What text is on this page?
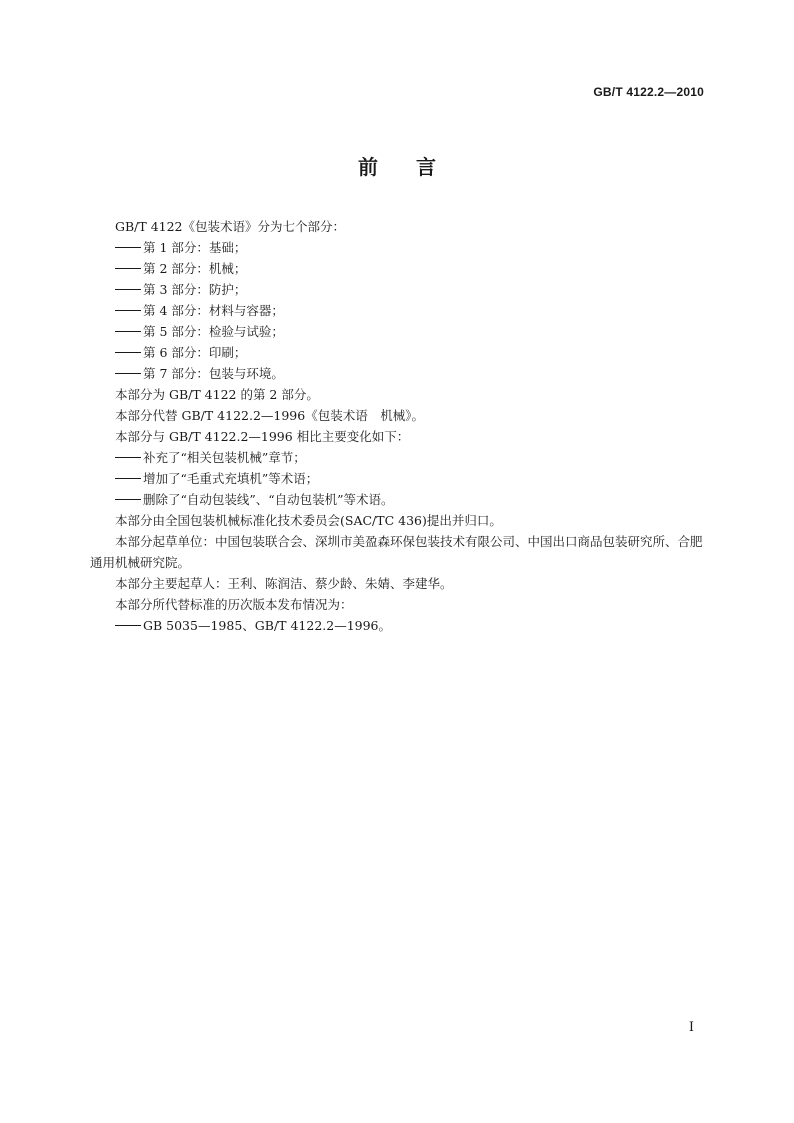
GB/T 4122.2—2010
前言

GB/T 4122《包装术语》分为七个部分：

第 1 部分：基础；

第 2 部分：机械；

第 3 部分：防护；

第 4 部分：材料与容器；

第 5 部分：检验与试验；

第 6 部分：印刷；

第 7 部分：包装与环境。

本部分为 GB/T 4122 的第 2 部分。

本部分代替 GB/T 4122.2—1996《包装术语　机械》。

本部分与 GB/T 4122.2—1996 相比主要变化如下：

补充了“相关包装机械”章节；

增加了“毛重式充填机”等术语；

删除了“自动包装线”、“自动包装机”等术语。

本部分由全国包装机械标准化技术委员会(SAC/TC 436)提出并归口。

本部分起草单位：中国包装联合会、深圳市美盈森环保包装技术有限公司、中国出口商品包装研究所、合肥通用机械研究院。

本部分主要起草人：王利、陈润洁、蔡少龄、朱婧、李建华。

本部分所代替标准的历次版本发布情况为：

GB 5035—1985、GB/T 4122.2—1996。

I
